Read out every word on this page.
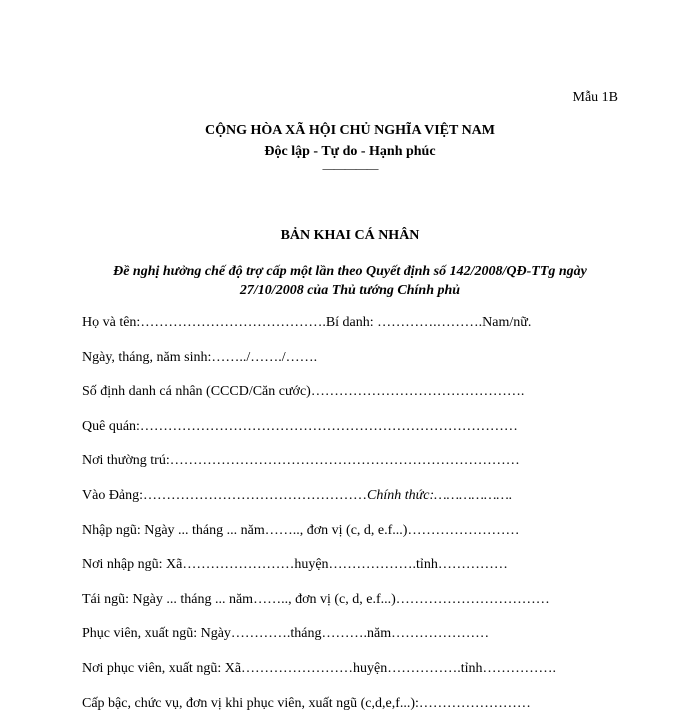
Mẫu 1B
CỘNG HÒA XÃ HỘI CHỦ NGHĨA VIỆT NAM
Độc lập - Tự do - Hạnh phúc
—————
BẢN KHAI CÁ NHÂN
Đề nghị hưởng chế độ trợ cấp một lần theo Quyết định số 142/2008/QĐ-TTg ngày
27/10/2008 của Thủ tướng Chính phủ
Họ và tên:………………………………….Bí danh: ………….……….Nam/nữ.
Ngày, tháng, năm sinh:……../……./…….
Số định danh cá nhân (CCCD/Căn cước)……………………………………….
Quê quán:………………………………………………………………………
Nơi thường trú:…………………………………………………………………
Vào Đảng:…………………………………………Chính thức:……………….
Nhập ngũ: Ngày ... tháng ... năm…….., đơn vị (c, d, e.f...)……………………
Nơi nhập ngũ: Xã……………………huyện……………….tỉnh……………
Tái ngũ: Ngày ... tháng ... năm…….., đơn vị (c, d, e.f...)……………………………
Phục viên, xuất ngũ: Ngày………….tháng……….năm…………………
Nơi phục viên, xuất ngũ: Xã……………………huyện…………….tỉnh…………….
Cấp bậc, chức vụ, đơn vị khi phục viên, xuất ngũ (c,d,e,f...):……………………
